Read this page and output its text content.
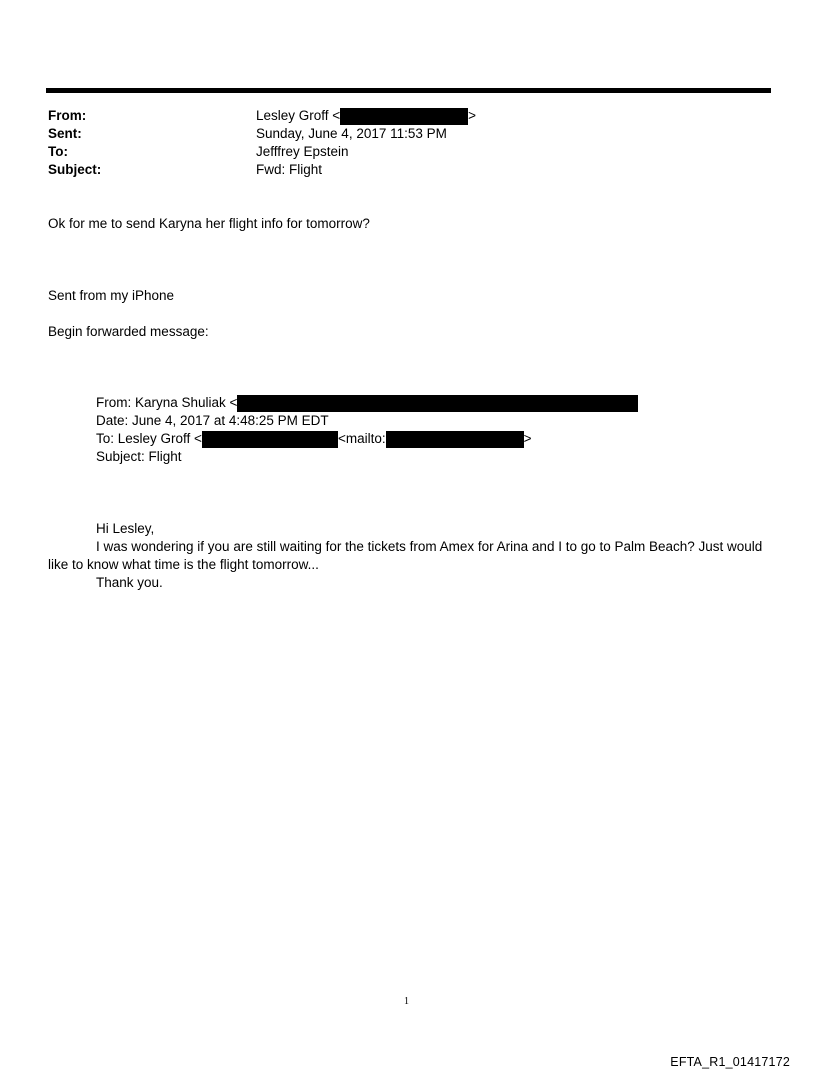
From:	Lesley Groff <	>
Sent:	Sunday, June 4, 2017 11:53 PM
To:	Jefffrey Epstein
Subject:	Fwd: Flight
Ok for me to send Karyna her flight info for tomorrow?
Sent from my iPhone
Begin forwarded message:
From: Karyna Shuliak <
Date: June 4, 2017 at 4:48:25 PM EDT
To: Lesley Groff <	<mailto:	>
Subject: Flight
Hi Lesley,
I was wondering if you are still waiting for the tickets from Amex for Arina and I to go to Palm Beach? Just would
like to know what time is the flight tomorrow...
Thank you.
1
EFTA_R1_01417172
